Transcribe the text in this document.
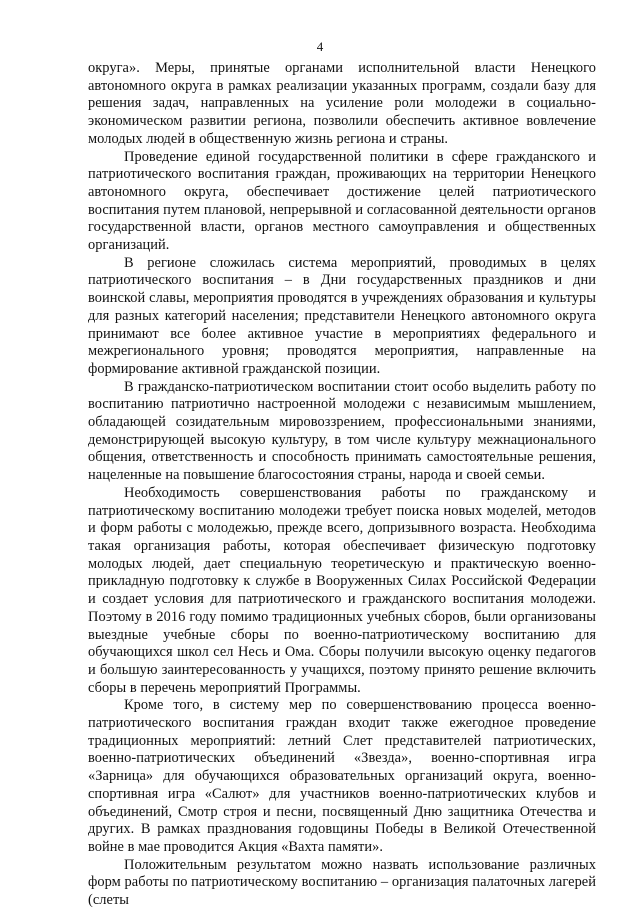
4

округа». Меры, принятые органами исполнительной власти Ненецкого автономного округа в рамках реализации указанных программ, создали базу для решения задач, направленных на усиление роли молодежи в социально-экономическом развитии региона, позволили обеспечить активное вовлечение молодых людей в общественную жизнь региона и страны.

Проведение единой государственной политики в сфере гражданского и патриотического воспитания граждан, проживающих на территории Ненецкого автономного округа, обеспечивает достижение целей патриотического воспитания путем плановой, непрерывной и согласованной деятельности органов государственной власти, органов местного самоуправления и общественных организаций.

В регионе сложилась система мероприятий, проводимых в целях патриотического воспитания – в Дни государственных праздников и дни воинской славы, мероприятия проводятся в учреждениях образования и культуры для разных категорий населения; представители Ненецкого автономного округа принимают все более активное участие в мероприятиях федерального и межрегионального уровня; проводятся мероприятия, направленные на формирование активной гражданской позиции.

В гражданско-патриотическом воспитании стоит особо выделить работу по воспитанию патриотично настроенной молодежи с независимым мышлением, обладающей созидательным мировоззрением, профессиональными знаниями, демонстрирующей высокую культуру, в том числе культуру межнационального общения, ответственность и способность принимать самостоятельные решения, нацеленные на повышение благосостояния страны, народа и своей семьи.

Необходимость совершенствования работы по гражданскому и патриотическому воспитанию молодежи требует поиска новых моделей, методов и форм работы с молодежью, прежде всего, допризывного возраста. Необходима такая организация работы, которая обеспечивает физическую подготовку молодых людей, дает специальную теоретическую и практическую военно-прикладную подготовку к службе в Вооруженных Силах Российской Федерации и создает условия для патриотического и гражданского воспитания молодежи. Поэтому в 2016 году помимо традиционных учебных сборов, были организованы выездные учебные сборы по военно-патриотическому воспитанию для обучающихся школ сел Несь и Ома. Сборы получили высокую оценку педагогов и большую заинтересованность у учащихся, поэтому принято решение включить сборы в перечень мероприятий Программы.

Кроме того, в систему мер по совершенствованию процесса военно-патриотического воспитания граждан входит также ежегодное проведение традиционных мероприятий: летний Слет представителей патриотических, военно-патриотических объединений «Звезда», военно-спортивная игра «Зарница» для обучающихся образовательных организаций округа, военно-спортивная игра «Салют» для участников военно-патриотических клубов и объединений, Смотр строя и песни, посвященный Дню защитника Отечества и других. В рамках празднования годовщины Победы в Великой Отечественной войне в мае проводится Акция «Вахта памяти».

Положительным результатом можно назвать использование различных форм работы по патриотическому воспитанию – организация палаточных лагерей (слеты
